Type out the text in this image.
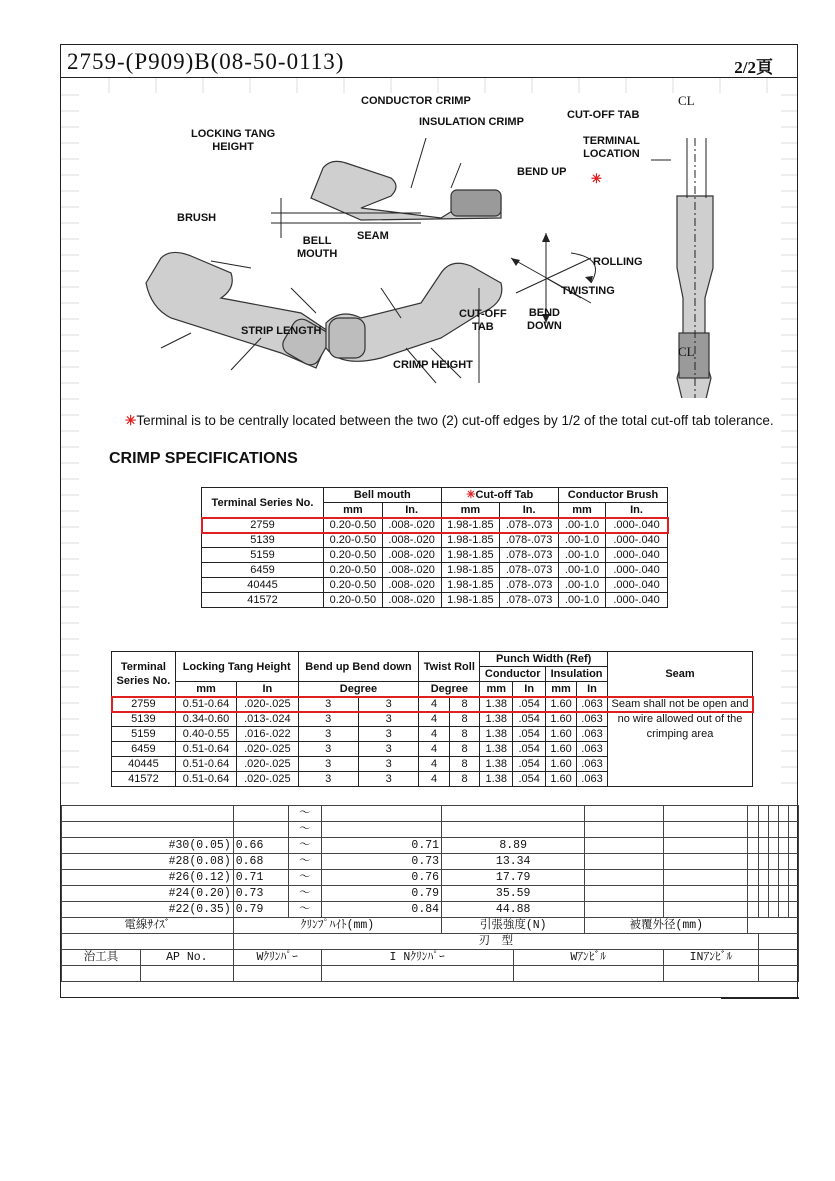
2759-(P909)B(08-50-0113)	2/2頁
✳
CONDUCTOR CRIMP
INSULATION CRIMP
LOCKING TANG
HEIGHT
BRUSH
BELL
MOUTH
SEAM
STRIP LENGTH
CUT-OFF
TAB
CRIMP HEIGHT
BEND UP
BEND
DOWN
ROLLING
TWISTING
CUT-OFF TAB
TERMINAL
LOCATION
CL
CL
✳Terminal is to be centrally located between the two (2) cut-off edges by 1/2 of the total cut-off tab tolerance.
CRIMP SPECIFICATIONS
Terminal Series No.	Bell mouth		✳Cut-off Tab		Conductor Brush	
	mm	In.	mm	In.	mm	In.
2759	0.20-0.50	.008-.020	1.98-1.85	.078-.073	.00-1.0	.000-.040
5139	0.20-0.50	.008-.020	1.98-1.85	.078-.073	.00-1.0	.000-.040
5159	0.20-0.50	.008-.020	1.98-1.85	.078-.073	.00-1.0	.000-.040
6459	0.20-0.50	.008-.020	1.98-1.85	.078-.073	.00-1.0	.000-.040
40445	0.20-0.50	.008-.020	1.98-1.85	.078-.073	.00-1.0	.000-.040
41572	0.20-0.50	.008-.020	1.98-1.85	.078-.073	.00-1.0	.000-.040
Terminal
Series No.	Locking Tang Height		Bend up Bend down		Twist Roll		Punch Width (Ref)				Seam
							Conductor		Insulation		
	mm	In	Degree		Degree		mm	In	mm	In	
2759	0.51-0.64	.020-.025	3	3	4	8	1.38	.054	1.60	.063	Seam shall not be open and
no wire allowed out of the
crimping area
5139	0.34-0.60	.013-.024	3	3	4	8	1.38	.054	1.60	.063	
5159	0.40-0.55	.016-.022	3	3	4	8	1.38	.054	1.60	.063	
6459	0.51-0.64	.020-.025	3	3	4	8	1.38	.054	1.60	.063	
40445	0.51-0.64	.020-.025	3	3	4	8	1.38	.054	1.60	.063	
41572	0.51-0.64	.020-.025	3	3	4	8	1.38	.054	1.60	.063	
			～										
			～										
#30(0.05)		0.66	～	0.71	8.89								
#28(0.08)		0.68	～	0.73	13.34								
#26(0.12)		0.71	～	0.76	17.79								
#24(0.20)		0.73	～	0.79	35.59								
#22(0.35)		0.79	～	0.84	44.88								
電線ｻｲｽﾞ		ｸﾘﾝﾌﾟﾊｲﾄ(mm)			引張強度(N)		被覆外径(mm)						
		刃　型											
治工具	AP No.	Wｸﾘﾝﾊﾟｰ		I Nｸﾘﾝﾊﾟｰ		Wｱﾝﾋﾞﾙ		INｱﾝﾋﾞﾙ					
